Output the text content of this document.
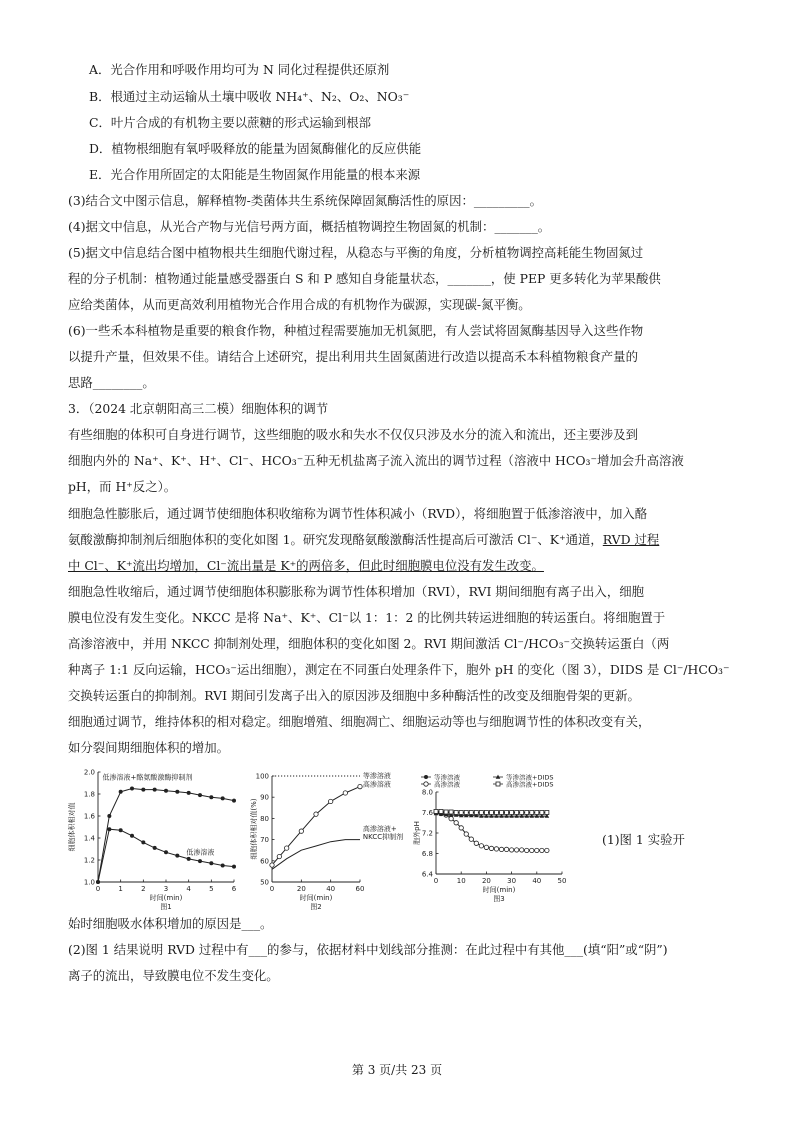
A．光合作用和呼吸作用均可为 N 同化过程提供还原剂
B．根通过主动运输从土壤中吸收 NH₄⁺、N₂、O₂、NO₃⁻
C．叶片合成的有机物主要以蔗糖的形式运输到根部
D．植物根细胞有氧呼吸释放的能量为固氮酶催化的反应供能
E．光合作用所固定的太阳能是生物固氮作用能量的根本来源
(3)结合文中图示信息，解释植物-类菌体共生系统保障固氮酶活性的原因：_________。
(4)据文中信息，从光合产物与光信号两方面，概括植物调控生物固氮的机制：_______。
(5)据文中信息结合图中植物根共生细胞代谢过程，从稳态与平衡的角度，分析植物调控高耗能生物固氮过
程的分子机制：植物通过能量感受器蛋白 S 和 P 感知自身能量状态，_______，使 PEP 更多转化为苹果酸供
应给类菌体，从而更高效利用植物光合作用合成的有机物作为碳源，实现碳-氮平衡。
(6)一些禾本科植物是重要的粮食作物，种植过程需要施加无机氮肥，有人尝试将固氮酶基因导入这些作物
以提升产量，但效果不佳。请结合上述研究，提出利用共生固氮菌进行改造以提高禾本科植物粮食产量的
思路________。
3．（2024 北京朝阳高三二模）细胞体积的调节
有些细胞的体积可自身进行调节，这些细胞的吸水和失水不仅仅只涉及水分的流入和流出，还主要涉及到
细胞内外的 Na⁺、K⁺、H⁺、Cl⁻、HCO₃⁻五种无机盐离子流入流出的调节过程（溶液中 HCO₃⁻增加会升高溶液
pH，而 H⁺反之）。
细胞急性膨胀后，通过调节使细胞体积收缩称为调节性体积减小（RVD），将细胞置于低渗溶液中，加入酪
氨酸激酶抑制剂后细胞体积的变化如图 1。研究发现酪氨酸激酶活性提高后可激活 Cl⁻、K⁺通道，RVD 过程
中 Cl⁻、K⁺流出均增加，Cl⁻流出量是 K⁺的两倍多，但此时细胞膜电位没有发生改变。
细胞急性收缩后，通过调节使细胞体积膨胀称为调节性体积增加（RVI），RVI 期间细胞有离子出入，细胞
膜电位没有发生变化。NKCC 是将 Na⁺、K⁺、Cl⁻以 1：1：2 的比例共转运进细胞的转运蛋白。将细胞置于
高渗溶液中，并用 NKCC 抑制剂处理，细胞体积的变化如图 2。RVI 期间激活 Cl⁻/HCO₃⁻交换转运蛋白（两
种离子 1:1 反向运输，HCO₃⁻运出细胞），测定在不同蛋白处理条件下，胞外 pH 的变化（图 3），DIDS 是 Cl⁻/HCO₃⁻
交换转运蛋白的抑制剂。RVI 期间引发离子出入的原因涉及细胞中多种酶活性的改变及细胞骨架的更新。
细胞通过调节，维持体积的相对稳定。细胞增殖、细胞凋亡、细胞运动等也与细胞调节性的体积改变有关，
如分裂间期细胞体积的增加。
0	1	2	3	4	5	6
1.0
1.2
1.4
1.6
1.8
2.0
时间(min)
图1
细胞体积相对值
低渗溶液+酪氨酸激酶抑制剂
低渗溶液
0	20	40	60
50
60
70
80
90
100
时间(min)
图2
细胞体积相对值(%)
等渗溶液
高渗溶液
高渗溶液+
NKCC抑制剂
0	10 20 30 40 50
6.4
6.8
7.2
7.6
8.0
时间(min)
图3
胞外pH
等渗溶液	等渗溶液+DIDS
高渗溶液	高渗溶液+DIDS
(1)图 1 实验开
始时细胞吸水体积增加的原因是___。
(2)图 1 结果说明 RVD 过程中有___的参与，依据材料中划线部分推测：在此过程中有其他___(填“阳”或“阴”)
离子的流出，导致膜电位不发生变化。
第 3 页/共 23 页
